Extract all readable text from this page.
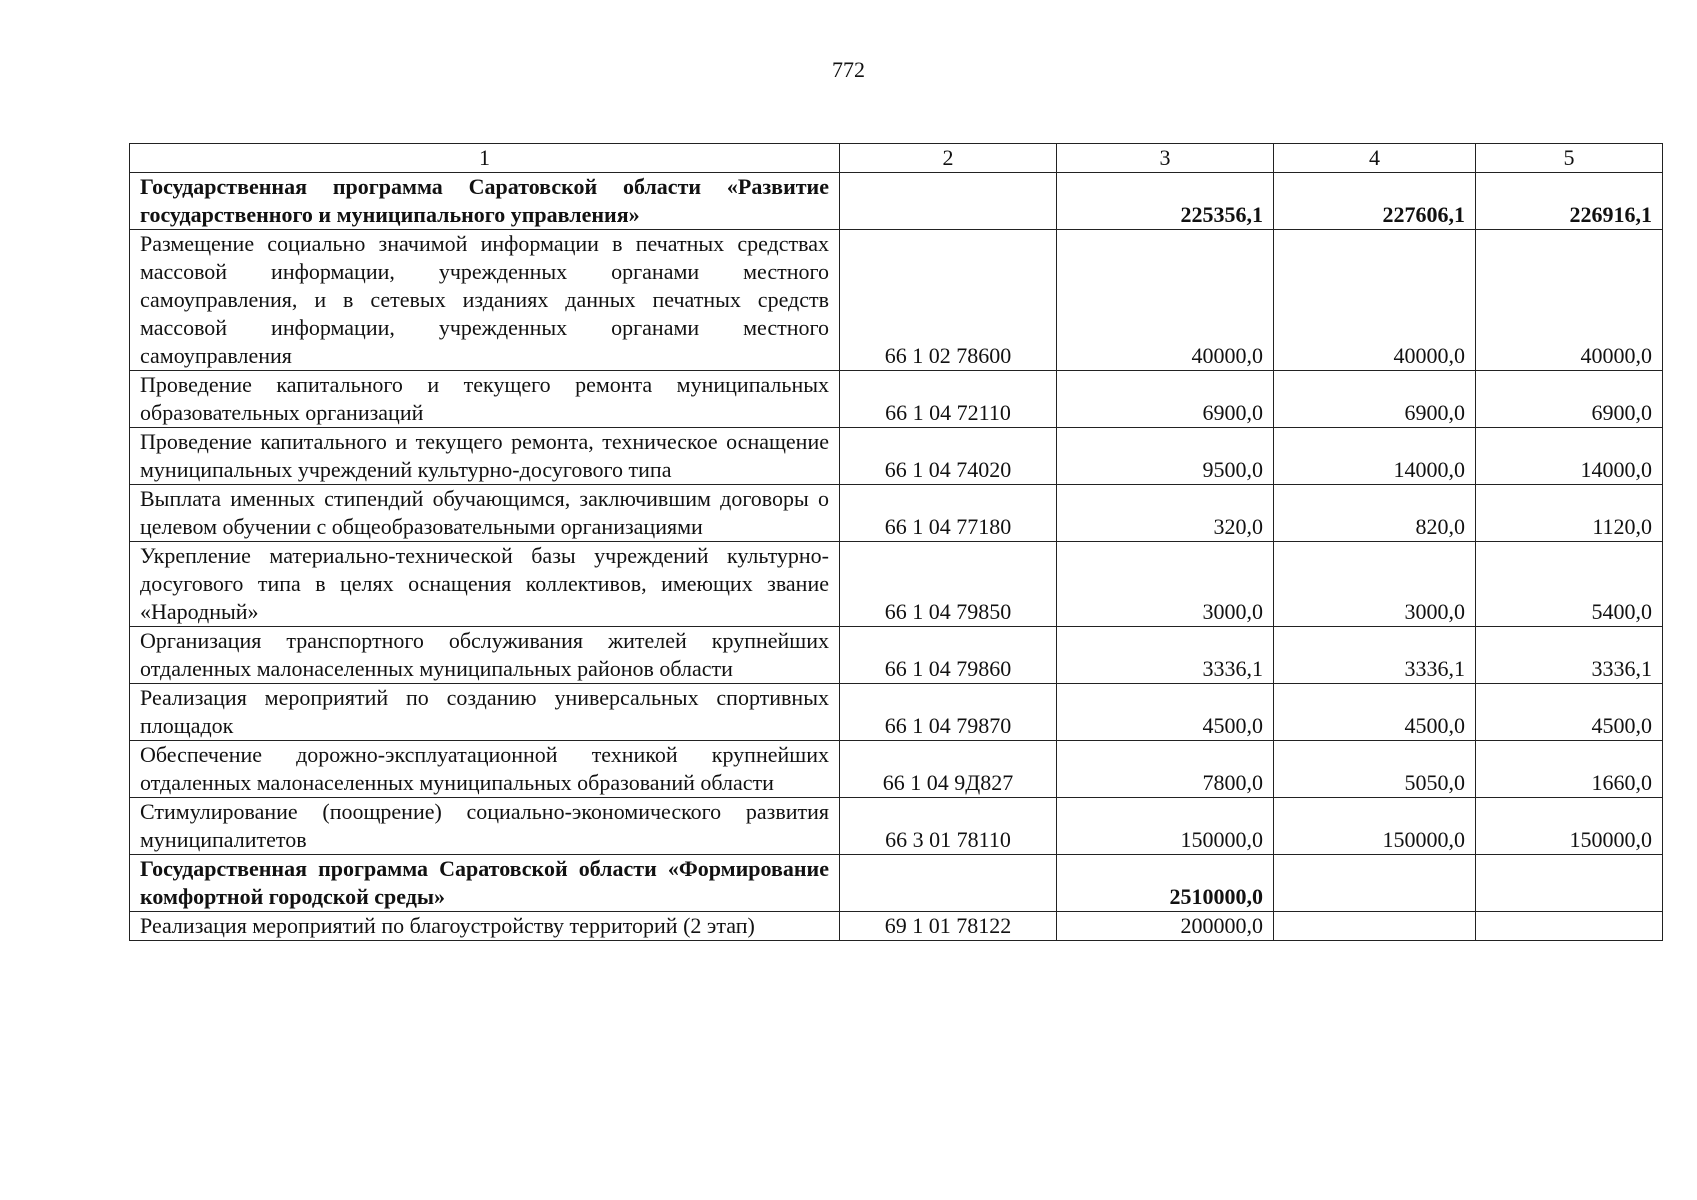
772
1	2	3	4	5
Государственная программа Саратовской области «Развитие государственного и муниципального управления»		225356,1	227606,1	226916,1
Размещение социально значимой информации в печатных средствах массовой информации, учрежденных органами местного самоуправления, и в сетевых изданиях данных печатных средств массовой информации, учрежденных органами местного самоуправления	66 1 02 78600	40000,0	40000,0	40000,0
Проведение капитального и текущего ремонта муниципальных образовательных организаций	66 1 04 72110	6900,0	6900,0	6900,0
Проведение капитального и текущего ремонта, техническое оснащение муниципальных учреждений культурно-досугового типа	66 1 04 74020	9500,0	14000,0	14000,0
Выплата именных стипендий обучающимся, заключившим договоры о целевом обучении с общеобразовательными организациями	66 1 04 77180	320,0	820,0	1120,0
Укрепление материально-технической базы учреждений культурно-досугового типа в целях оснащения коллективов, имеющих звание «Народный»	66 1 04 79850	3000,0	3000,0	5400,0
Организация транспортного обслуживания жителей крупнейших отдаленных малонаселенных муниципальных районов области	66 1 04 79860	3336,1	3336,1	3336,1
Реализация мероприятий по созданию универсальных спортивных площадок	66 1 04 79870	4500,0	4500,0	4500,0
Обеспечение дорожно-эксплуатационной техникой крупнейших отдаленных малонаселенных муниципальных образований области	66 1 04 9Д827	7800,0	5050,0	1660,0
Стимулирование (поощрение) социально-экономического развития муниципалитетов	66 3 01 78110	150000,0	150000,0	150000,0
Государственная программа Саратовской области «Формирование комфортной городской среды»		2510000,0		
Реализация мероприятий по благоустройству территорий (2 этап)	69 1 01 78122	200000,0		
